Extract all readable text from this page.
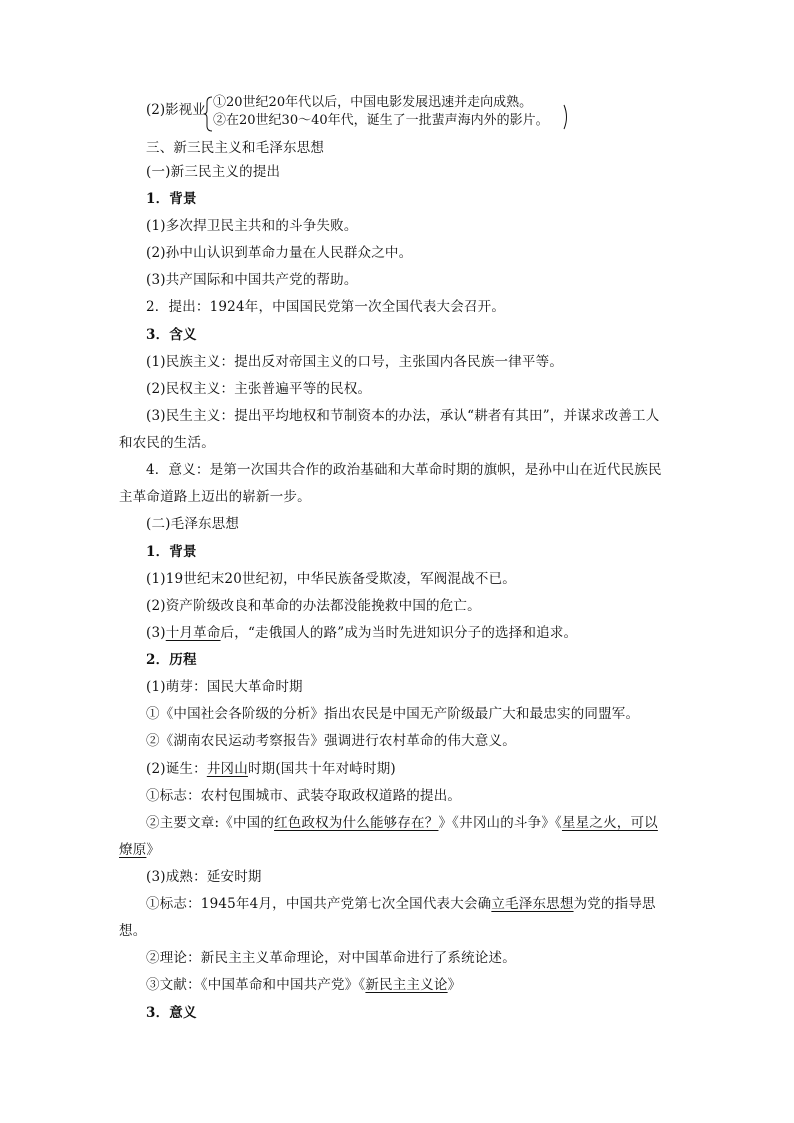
(2)影视业 ①20世纪20年代以后，中国电影发展迅速并走向成熟。
②在20世纪30～40年代，诞生了一批蜚声海内外的影片。
三、新三民主义和毛泽东思想
(一)新三民主义的提出
1．背景
(1)多次捍卫民主共和的斗争失败。
(2)孙中山认识到革命力量在人民群众之中。
(3)共产国际和中国共产党的帮助。
2．提出：1924年，中国国民党第一次全国代表大会召开。
3．含义
(1)民族主义：提出反对帝国主义的口号，主张国内各民族一律平等。
(2)民权主义：主张普遍平等的民权。
(3)民生主义：提出平均地权和节制资本的办法，承认“耕者有其田”，并谋求改善工人
和农民的生活。
4．意义：是第一次国共合作的政治基础和大革命时期的旗帜，是孙中山在近代民族民
主革命道路上迈出的崭新一步。
(二)毛泽东思想
1．背景
(1)19世纪末20世纪初，中华民族备受欺凌，军阀混战不已。
(2)资产阶级改良和革命的办法都没能挽救中国的危亡。
(3)十月革命后，“走俄国人的路”成为当时先进知识分子的选择和追求。
2．历程
(1)萌芽：国民大革命时期
①《中国社会各阶级的分析》指出农民是中国无产阶级最广大和最忠实的同盟军。
②《湖南农民运动考察报告》强调进行农村革命的伟大意义。
(2)诞生：井冈山时期(国共十年对峙时期)
①标志：农村包围城市、武装夺取政权道路的提出。
②主要文章:《中国的红色政权为什么能够存在？》《井冈山的斗争》《星星之火，可以
燎原》
(3)成熟：延安时期
①标志：1945年4月，中国共产党第七次全国代表大会确立毛泽东思想为党的指导思
想。
②理论：新民主主义革命理论，对中国革命进行了系统论述。
③文献：《中国革命和中国共产党》《新民主主义论》
3．意义
